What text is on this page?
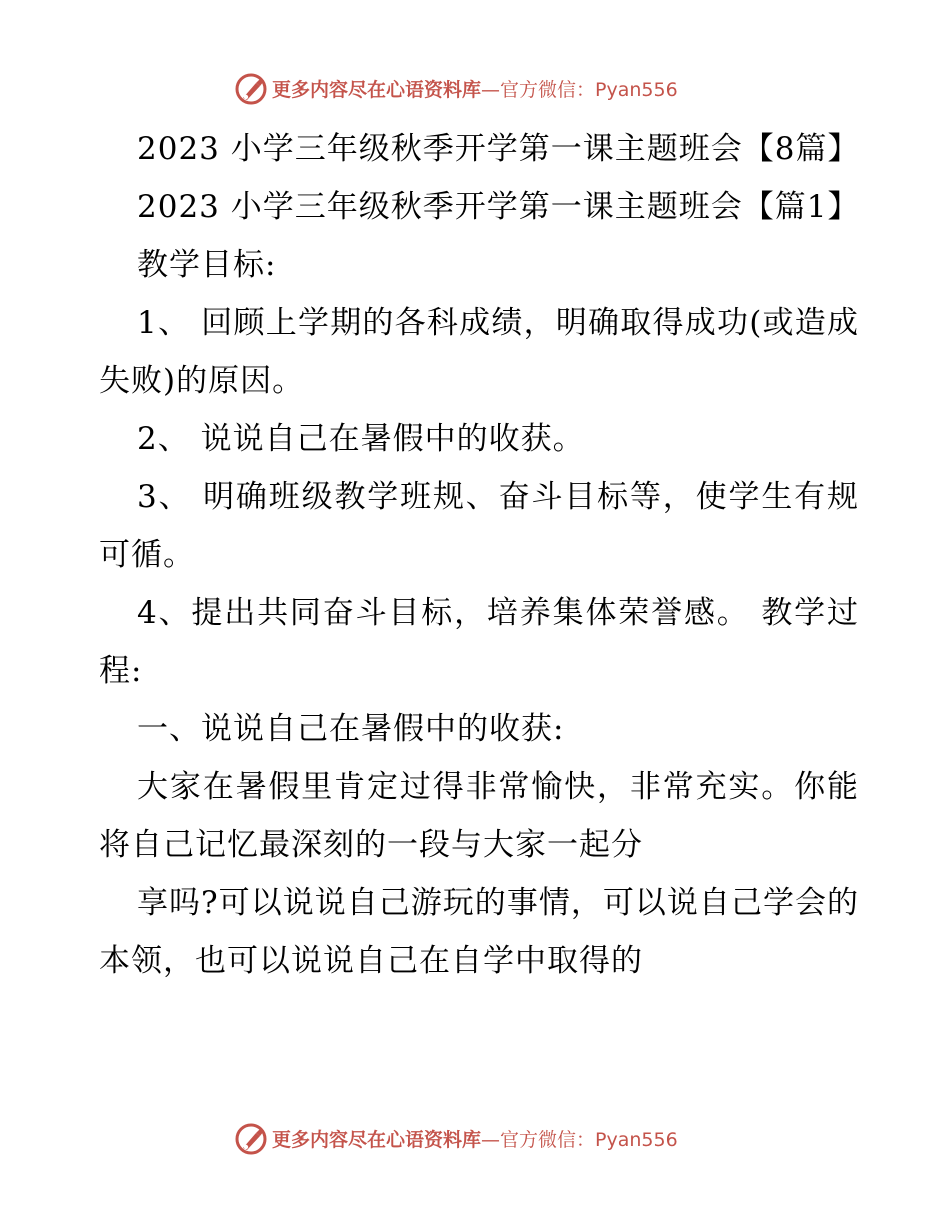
更多内容尽在心语资料库—官方微信：Pyan556

2023 小学三年级秋季开学第一课主题班会【8篇】

2023 小学三年级秋季开学第一课主题班会【篇1】

教学目标:

1、 回顾上学期的各科成绩，明确取得成功(或造成失败)的原因。

2、 说说自己在暑假中的收获。

3、 明确班级教学班规、奋斗目标等，使学生有规可循。

4、提出共同奋斗目标，培养集体荣誉感。 教学过程:

一、说说自己在暑假中的收获:

大家在暑假里肯定过得非常愉快，非常充实。你能将自己记忆最深刻的一段与大家一起分

享吗?可以说说自己游玩的事情，可以说自己学会的本领，也可以说说自己在自学中取得的

更多内容尽在心语资料库—官方微信：Pyan556
